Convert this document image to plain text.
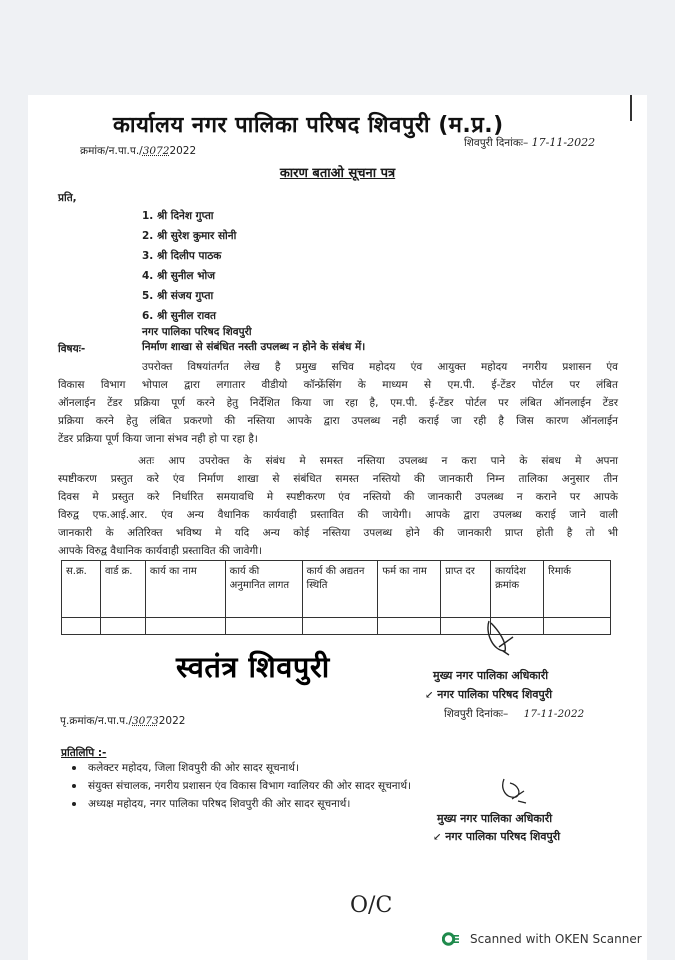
कार्यालय नगर पालिका परिषद शिवपुरी (म.प्र.)
क्रमांक/न.पा.प./30722022
शिवपुरी दिनांकः– 17-11-2022
कारण बताओ सूचना पत्र
प्रति,
1. श्री दिनेश गुप्ता
2. श्री सुरेश कुमार सोनी
3. श्री दिलीप पाठक
4. श्री सुनील भोज
5. श्री संजय गुप्ता
6. श्री सुनील रावत
नगर पालिका परिषद शिवपुरी
विषयः-	निर्माण शाखा से संबंधित नस्ती उपलब्ध न होने के संबंध में।
उपरोक्त विषयांतर्गत लेख है प्रमुख सचिव महोदय एंव आयुक्त महोदय नगरीय प्रशासन एंव
विकास विभाग भोपाल द्वारा लगातार वीडीयो कॉन्फ्रेंसिंग के माध्यम से एम.पी. ई-टेंडर पोर्टल पर लंबित
ऑनलाईन टेंडर प्रक्रिया पूर्ण करने हेतु निर्देशित किया जा रहा है, एम.पी. ई-टेंडर पोर्टल पर लंबित ऑनलाईन टेंडर
प्रक्रिया करने हेतु लंबित प्रकरणो की नस्तिया आपके द्वारा उपलब्ध नही कराई जा रही है जिस कारण ऑनलाईन
टेंडर प्रक्रिया पूर्ण किया जाना संभव नही हो पा रहा है।
अतः आप उपरोक्त के संबंध मे समस्त नस्तिया उपलब्ध न करा पाने के संबध मे अपना
स्पष्टीकरण प्रस्तुत करे एंव निर्माण शाखा से संबंधित समस्त नस्तियो की जानकारी निम्न तालिका अनुसार तीन
दिवस मे प्रस्तुत करे निर्धारित समयावधि मे स्पष्टीकरण एंव नस्तियो की जानकारी उपलब्ध न कराने पर आपके
विरुद्व एफ.आई.आर. एंव अन्य वैधानिक कार्यवाही प्रस्तावित की जायेगी। आपके द्वारा उपलब्ध कराई जाने वाली
जानकारी के अतिरिक्त भविष्य मे यदि अन्य कोई नस्तिया उपलब्ध होने की जानकारी प्राप्त होती है तो भी
आपके विरुद्व वैधानिक कार्यवाही प्रस्तावित की जावेगी।
स.क्र.	वार्ड क्र.	कार्य का नाम	कार्य की अनुमानित लागत	कार्य की अद्यतन स्थिति	फर्म का नाम	प्राप्त दर	कार्यादेश क्रमांक	रिमार्क

स्वतंत्र शिवपुरी	मुख्य नगर पालिका अधिकारी
↙ नगर पालिका परिषद शिवपुरी
शिवपुरी दिनांकः– 17-11-2022
पृ.क्रमांक/न.पा.प./30732022
प्रतिलिपि :-
कलेक्टर महोदय, जिला शिवपुरी की ओर सादर सूचनार्थ।
संयुक्त संचालक, नगरीय प्रशासन एंव विकास विभाग ग्वालियर की ओर सादर सूचनार्थ।
अध्यक्ष महोदय, नगर पालिका परिषद शिवपुरी की ओर सादर सूचनार्थ।
मुख्य नगर पालिका अधिकारी
↙ नगर पालिका परिषद शिवपुरी
O/C
Scanned with OKEN Scanner
